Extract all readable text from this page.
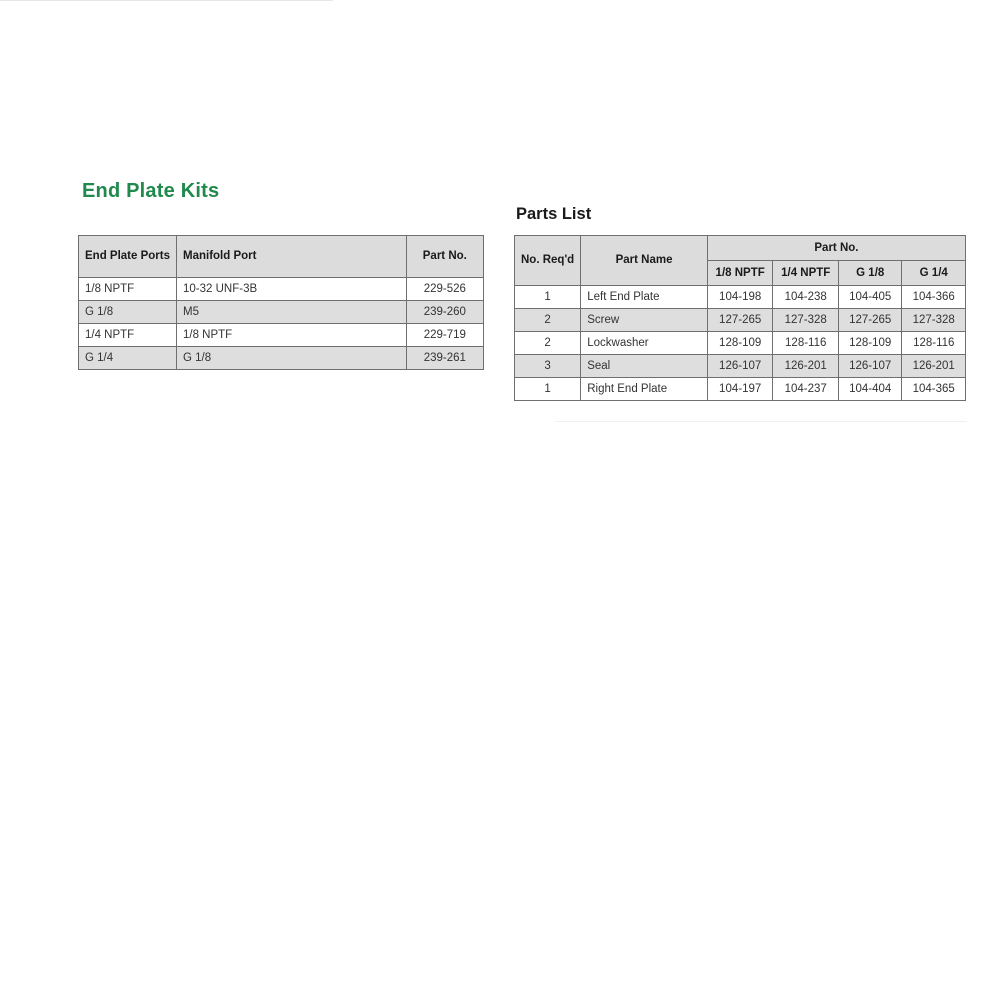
End Plate Kits
End Plate Ports	Manifold Port	Part No.
1/8 NPTF	10-32 UNF-3B	229-526
G 1/8	M5	239-260
1/4 NPTF	1/8 NPTF	229-719
G 1/4	G 1/8	239-261
Parts List
No. Req'd	Part Name	Part No.			
		1/8 NPTF	1/4 NPTF	G 1/8	G 1/4
1	Left End Plate	104-198	104-238	104-405	104-366
2	Screw	127-265	127-328	127-265	127-328
2	Lockwasher	128-109	128-116	128-109	128-116
3	Seal	126-107	126-201	126-107	126-201
1	Right End Plate	104-197	104-237	104-404	104-365
